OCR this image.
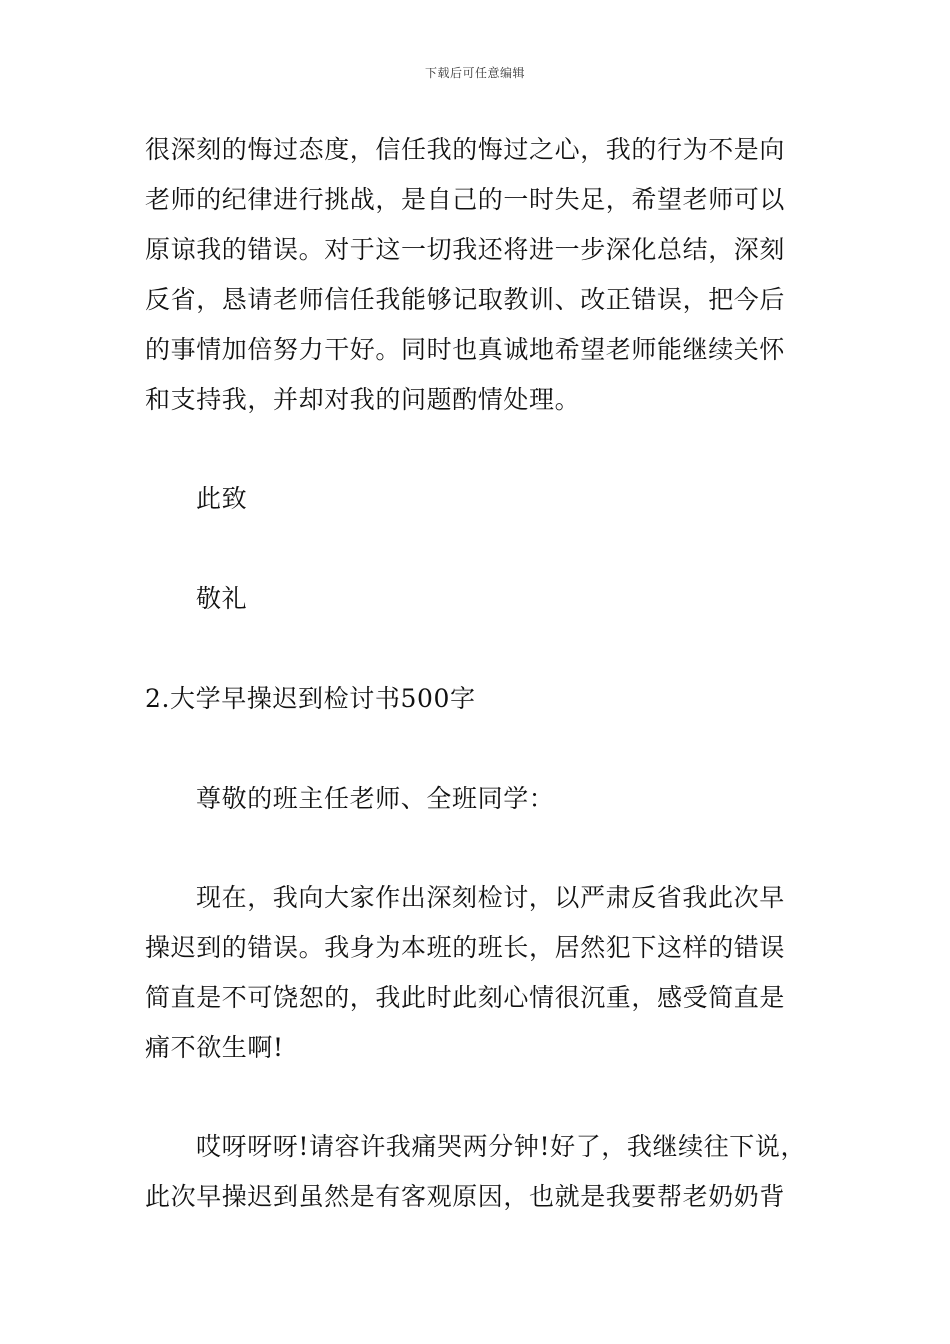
下载后可任意编辑
很深刻的悔过态度，信任我的悔过之心，我的行为不是向
老师的纪律进行挑战，是自己的一时失足，希望老师可以
原谅我的错误。对于这一切我还将进一步深化总结，深刻
反省，恳请老师信任我能够记取教训、改正错误，把今后
的事情加倍努力干好。同时也真诚地希望老师能继续关怀
和支持我，并却对我的问题酌情处理。
此致
敬礼
2.大学早操迟到检讨书500字
尊敬的班主任老师、全班同学：
现在，我向大家作出深刻检讨，以严肃反省我此次早
操迟到的错误。我身为本班的班长，居然犯下这样的错误
简直是不可饶恕的，我此时此刻心情很沉重，感受简直是
痛不欲生啊!
哎呀呀呀!请容许我痛哭两分钟!好了，我继续往下说，
此次早操迟到虽然是有客观原因，也就是我要帮老奶奶背
